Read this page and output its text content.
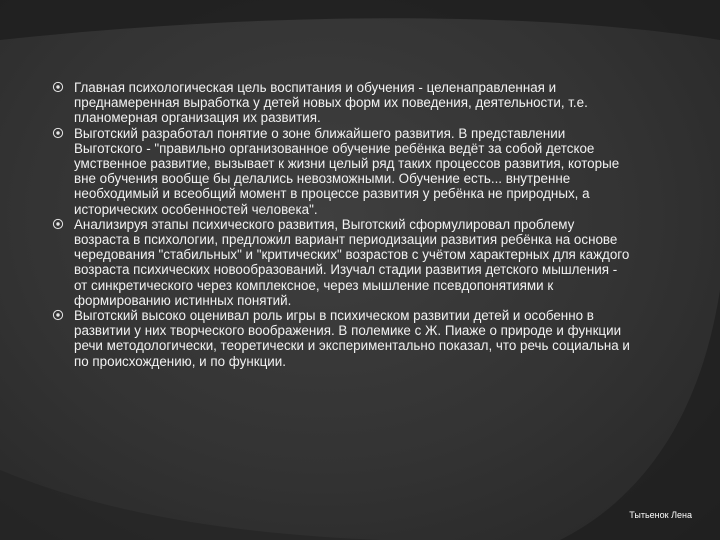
Главная психологическая цель воспитания и обучения - целенаправленная и преднамеренная выработка у детей новых форм их поведения, деятельности, т.е. планомерная организация их развития.

Выготский разработал понятие о зоне ближайшего развития. В представлении Выготского - "правильно организованное обучение ребёнка ведёт за собой детское умственное развитие, вызывает к жизни целый ряд таких процессов развития, которые вне обучения вообще бы делались невозможными. Обучение есть... внутренне необходимый и всеобщий момент в процессе развития у ребёнка не природных, а исторических особенностей человека".

Анализируя этапы психического развития, Выготский сформулировал проблему возраста в психологии, предложил вариант периодизации развития ребёнка на основе чередования "стабильных" и "критических" возрастов с учётом характерных для каждого возраста психических новообразований. Изучал стадии развития детского мышления - от синкретического через комплексное, через мышление псевдопонятиями к формированию истинных понятий.

Выготский высоко оценивал роль игры в психическом развитии детей и особенно в развитии у них творческого воображения. В полемике с Ж. Пиаже о природе и функции речи методологически, теоретически и экспериментально показал, что речь социальна и по происхождению, и по функции.

Тытьенок Лена
